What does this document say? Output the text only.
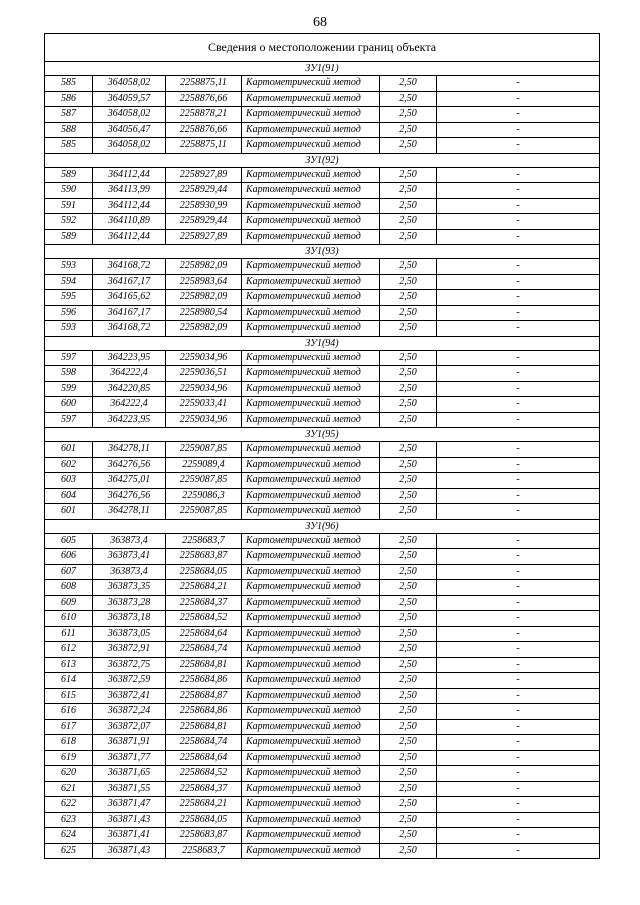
68
Сведения о местоположении границ объекта					
ЗУ1(91)					
585	364058,02	2258875,11	Картометрический метод	2,50	-
586	364059,57	2258876,66	Картометрический метод	2,50	-
587	364058,02	2258878,21	Картометрический метод	2,50	-
588	364056,47	2258876,66	Картометрический метод	2,50	-
585	364058,02	2258875,11	Картометрический метод	2,50	-
ЗУ1(92)					
589	364112,44	2258927,89	Картометрический метод	2,50	-
590	364113,99	2258929,44	Картометрический метод	2,50	-
591	364112,44	2258930,99	Картометрический метод	2,50	-
592	364110,89	2258929,44	Картометрический метод	2,50	-
589	364112,44	2258927,89	Картометрический метод	2,50	-
ЗУ1(93)					
593	364168,72	2258982,09	Картометрический метод	2,50	-
594	364167,17	2258983,64	Картометрический метод	2,50	-
595	364165,62	2258982,09	Картометрический метод	2,50	-
596	364167,17	2258980,54	Картометрический метод	2,50	-
593	364168,72	2258982,09	Картометрический метод	2,50	-
ЗУ1(94)					
597	364223,95	2259034,96	Картометрический метод	2,50	-
598	364222,4	2259036,51	Картометрический метод	2,50	-
599	364220,85	2259034,96	Картометрический метод	2,50	-
600	364222,4	2259033,41	Картометрический метод	2,50	-
597	364223,95	2259034,96	Картометрический метод	2,50	-
ЗУ1(95)					
601	364278,11	2259087,85	Картометрический метод	2,50	-
602	364276,56	2259089,4	Картометрический метод	2,50	-
603	364275,01	2259087,85	Картометрический метод	2,50	-
604	364276,56	2259086,3	Картометрический метод	2,50	-
601	364278,11	2259087,85	Картометрический метод	2,50	-
ЗУ1(96)					
605	363873,4	2258683,7	Картометрический метод	2,50	-
606	363873,41	2258683,87	Картометрический метод	2,50	-
607	363873,4	2258684,05	Картометрический метод	2,50	-
608	363873,35	2258684,21	Картометрический метод	2,50	-
609	363873,28	2258684,37	Картометрический метод	2,50	-
610	363873,18	2258684,52	Картометрический метод	2,50	-
611	363873,05	2258684,64	Картометрический метод	2,50	-
612	363872,91	2258684,74	Картометрический метод	2,50	-
613	363872,75	2258684,81	Картометрический метод	2,50	-
614	363872,59	2258684,86	Картометрический метод	2,50	-
615	363872,41	2258684,87	Картометрический метод	2,50	-
616	363872,24	2258684,86	Картометрический метод	2,50	-
617	363872,07	2258684,81	Картометрический метод	2,50	-
618	363871,91	2258684,74	Картометрический метод	2,50	-
619	363871,77	2258684,64	Картометрический метод	2,50	-
620	363871,65	2258684,52	Картометрический метод	2,50	-
621	363871,55	2258684,37	Картометрический метод	2,50	-
622	363871,47	2258684,21	Картометрический метод	2,50	-
623	363871,43	2258684,05	Картометрический метод	2,50	-
624	363871,41	2258683,87	Картометрический метод	2,50	-
625	363871,43	2258683,7	Картометрический метод	2,50	-
